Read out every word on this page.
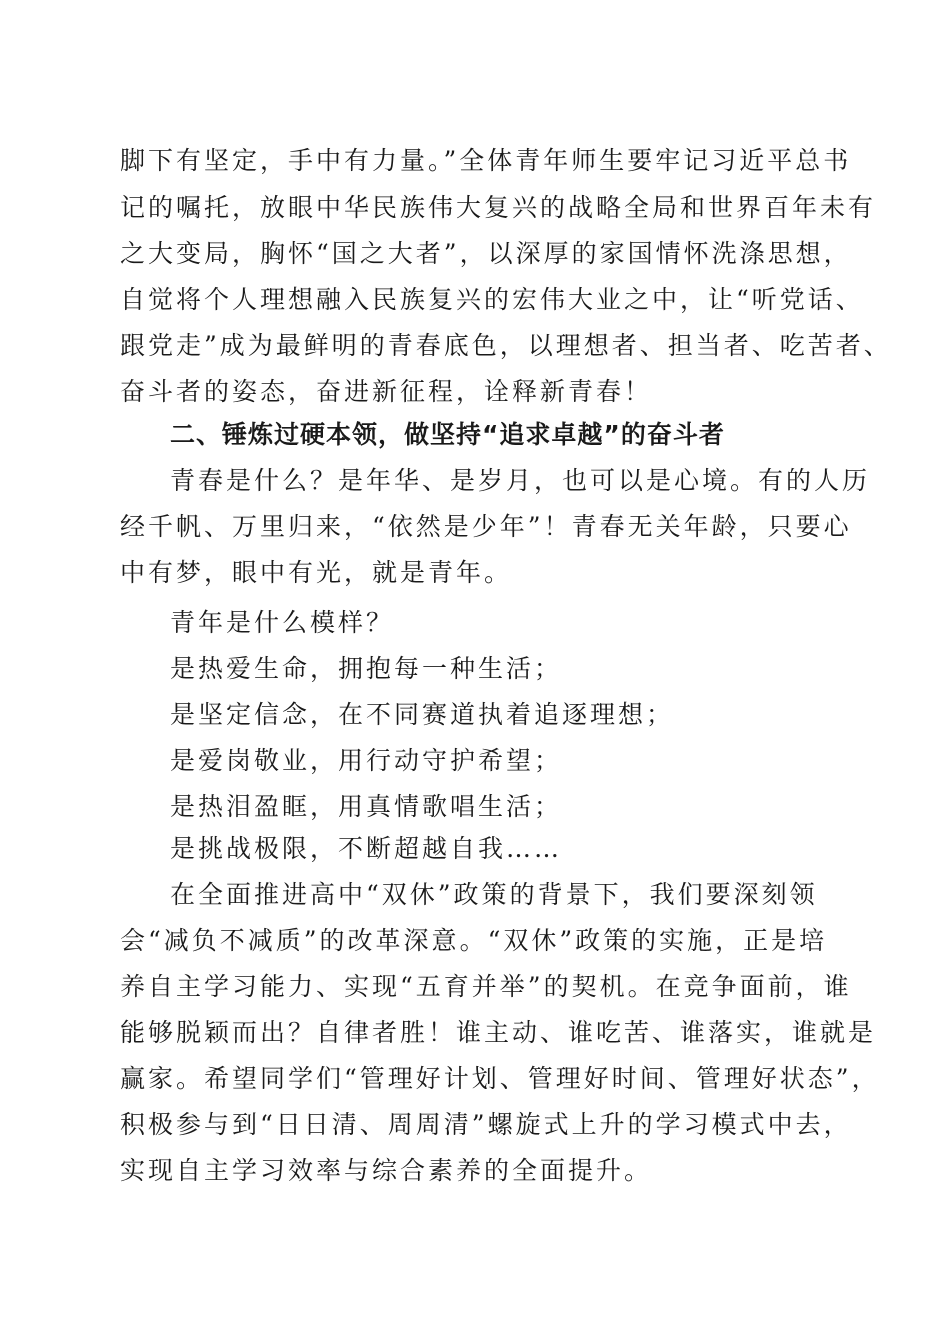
脚下有坚定，手中有力量。”全体青年师生要牢记习近平总书
记的嘱托，放眼中华民族伟大复兴的战略全局和世界百年未有
之大变局，胸怀“国之大者”，以深厚的家国情怀洗涤思想，
自觉将个人理想融入民族复兴的宏伟大业之中，让“听党话、
跟党走”成为最鲜明的青春底色，以理想者、担当者、吃苦者、
奋斗者的姿态，奋进新征程，诠释新青春！
二、锤炼过硬本领，做坚持“追求卓越”的奋斗者
青春是什么？是年华、是岁月，也可以是心境。有的人历
经千帆、万里归来，“依然是少年”！青春无关年龄，只要心
中有梦，眼中有光，就是青年。
青年是什么模样？
是热爱生命，拥抱每一种生活；
是坚定信念，在不同赛道执着追逐理想；
是爱岗敬业，用行动守护希望；
是热泪盈眶，用真情歌唱生活；
是挑战极限，不断超越自我……
在全面推进高中“双休”政策的背景下，我们要深刻领
会“减负不减质”的改革深意。“双休”政策的实施，正是培
养自主学习能力、实现“五育并举”的契机。在竞争面前，谁
能够脱颖而出？自律者胜！谁主动、谁吃苦、谁落实，谁就是
赢家。希望同学们“管理好计划、管理好时间、管理好状态”，
积极参与到“日日清、周周清”螺旋式上升的学习模式中去，
实现自主学习效率与综合素养的全面提升。
